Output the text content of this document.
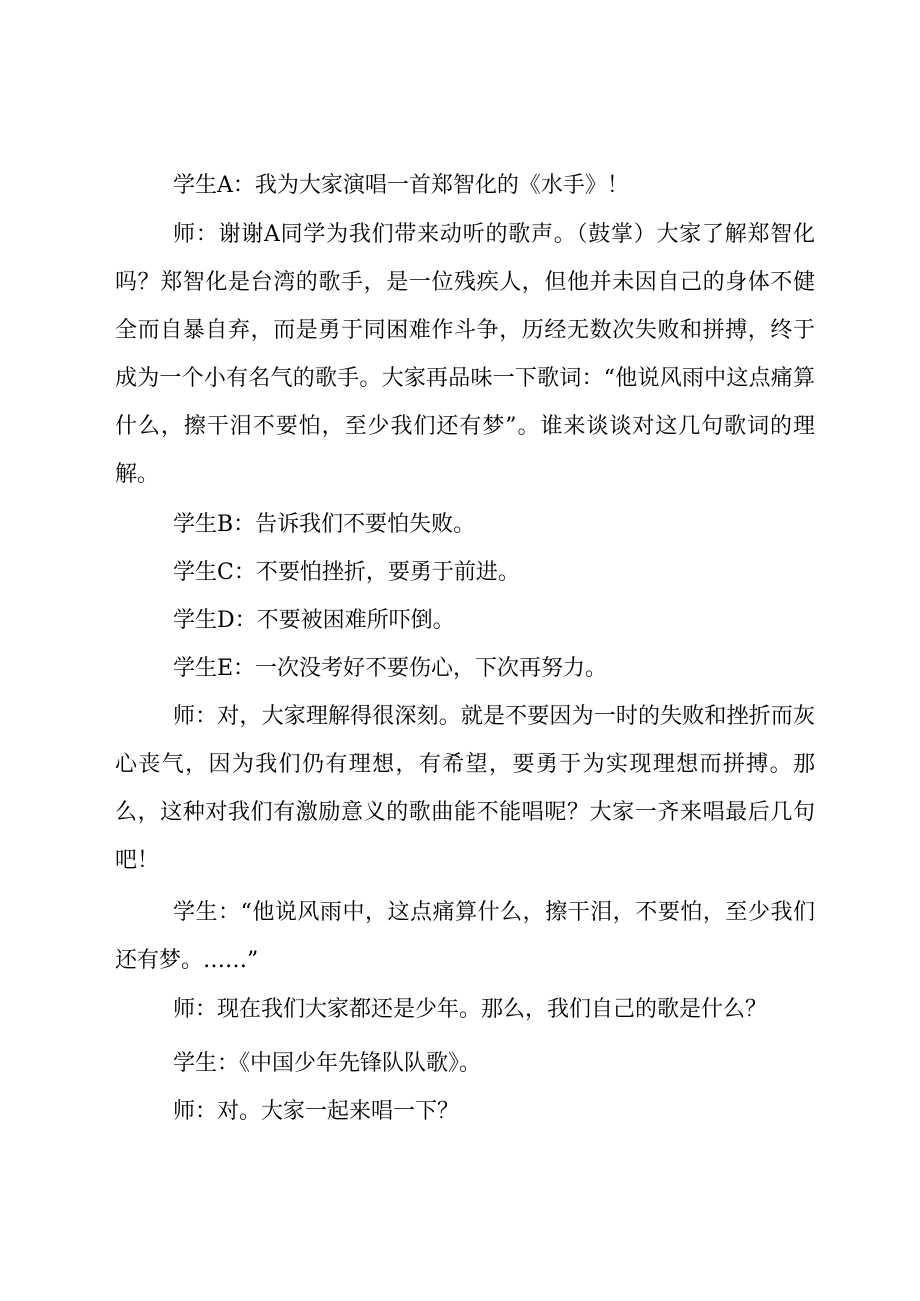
学生A：我为大家演唱一首郑智化的《水手》！

师：谢谢A同学为我们带来动听的歌声。（鼓掌）大家了解郑智化吗？郑智化是台湾的歌手，是一位残疾人，但他并未因自己的身体不健全而自暴自弃，而是勇于同困难作斗争，历经无数次失败和拼搏，终于成为一个小有名气的歌手。大家再品味一下歌词：“他说风雨中这点痛算什么，擦干泪不要怕，至少我们还有梦”。谁来谈谈对这几句歌词的理解。

学生B：告诉我们不要怕失败。

学生C：不要怕挫折，要勇于前进。

学生D：不要被困难所吓倒。

学生E：一次没考好不要伤心，下次再努力。

师：对，大家理解得很深刻。就是不要因为一时的失败和挫折而灰心丧气，因为我们仍有理想，有希望，要勇于为实现理想而拼搏。那么，这种对我们有激励意义的歌曲能不能唱呢？大家一齐来唱最后几句吧！

学生：“他说风雨中，这点痛算什么，擦干泪，不要怕，至少我们还有梦。……”

师：现在我们大家都还是少年。那么，我们自己的歌是什么？

学生：《中国少年先锋队队歌》。

师：对。大家一起来唱一下？
